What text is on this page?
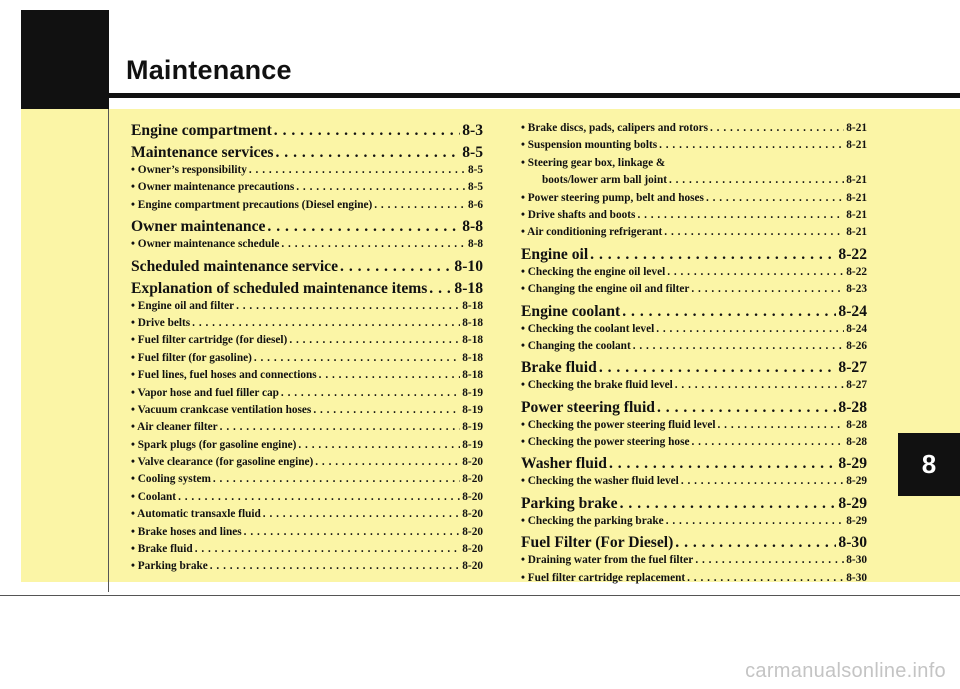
Maintenance
Engine compartment . . .	8-3
Maintenance services . . .	8-5
• Owner’s responsibility . . .	8-5
• Owner maintenance precautions . . .	8-5
• Engine compartment precautions (Diesel engine) . . .	8-6
Owner maintenance . . .	8-8
• Owner maintenance schedule . . .	8-8
Scheduled maintenance service . . .	8-10
Explanation of scheduled maintenance items . . . 8-18
• Engine oil and filter . . .	8-18
• Drive belts . . .	8-18
• Fuel filter cartridge (for diesel) . . .	8-18
• Fuel filter (for gasoline) . . .	8-18
• Fuel lines, fuel hoses and connections . . .	8-18
• Vapor hose and fuel filler cap . . .	8-19
• Vacuum crankcase ventilation hoses . . .	8-19
• Air cleaner filter . . .	8-19
• Spark plugs (for gasoline engine) . . .	8-19
• Valve clearance (for gasoline engine) . . .	8-20
• Cooling system . . .	8-20
• Coolant . . .	8-20
• Automatic transaxle fluid . . .	8-20
• Brake hoses and lines . . .	8-20
• Brake fluid . . .	8-20
• Parking brake . . .	8-20
• Brake discs, pads, calipers and rotors . . .	8-21
• Suspension mounting bolts . . .	8-21
• Steering gear box, linkage &
boots/lower arm ball joint . . .	8-21
• Power steering pump, belt and hoses . . .	8-21
• Drive shafts and boots . . .	8-21
• Air conditioning refrigerant . . .	8-21
Engine oil . . .	8-22
• Checking the engine oil level . . .	8-22
• Changing the engine oil and filter . . .	8-23
Engine coolant . . .	8-24
• Checking the coolant level . . .	8-24
• Changing the coolant . . .	8-26
Brake fluid . . .	8-27
• Checking the brake fluid level . . .	8-27
Power steering fluid . . .	8-28
• Checking the power steering fluid level . . .	8-28
• Checking the power steering hose . . .	8-28
Washer fluid . . .	8-29
• Checking the washer fluid level . . .	8-29
Parking brake . . .	8-29
• Checking the parking brake . . .	8-29
Fuel Filter (For Diesel) . . .	8-30
• Draining water from the fuel filter . . .	8-30
• Fuel filter cartridge replacement . . .	8-30
8
carmanualsonline.info
